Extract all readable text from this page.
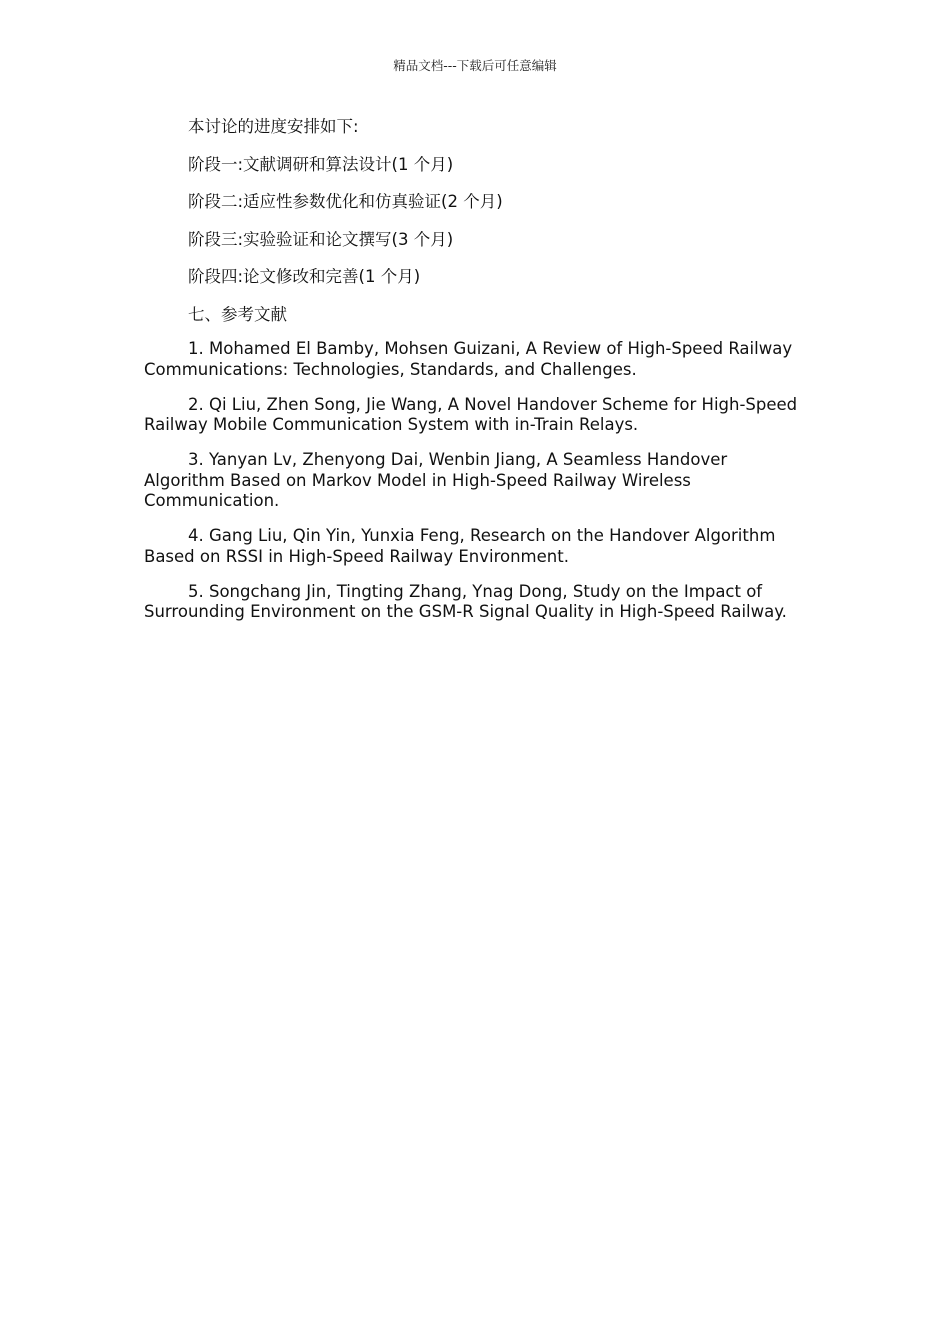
精品文档---下载后可任意编辑

本讨论的进度安排如下:

阶段一:文献调研和算法设计(1 个月)

阶段二:适应性参数优化和仿真验证(2 个月)

阶段三:实验验证和论文撰写(3 个月)

阶段四:论文修改和完善(1 个月)

七、参考文献

1. Mohamed El Bamby, Mohsen Guizani, A Review of High-Speed Railway Communications: Technologies, Standards, and Challenges.

2. Qi Liu, Zhen Song, Jie Wang, A Novel Handover Scheme for High-Speed Railway Mobile Communication System with in-Train Relays.

3. Yanyan Lv, Zhenyong Dai, Wenbin Jiang, A Seamless Handover Algorithm Based on Markov Model in High-Speed Railway Wireless Communication.

4. Gang Liu, Qin Yin, Yunxia Feng, Research on the Handover Algorithm Based on RSSI in High-Speed Railway Environment.

5. Songchang Jin, Tingting Zhang, Ynag Dong, Study on the Impact of Surrounding Environment on the GSM-R Signal Quality in High-Speed Railway.
